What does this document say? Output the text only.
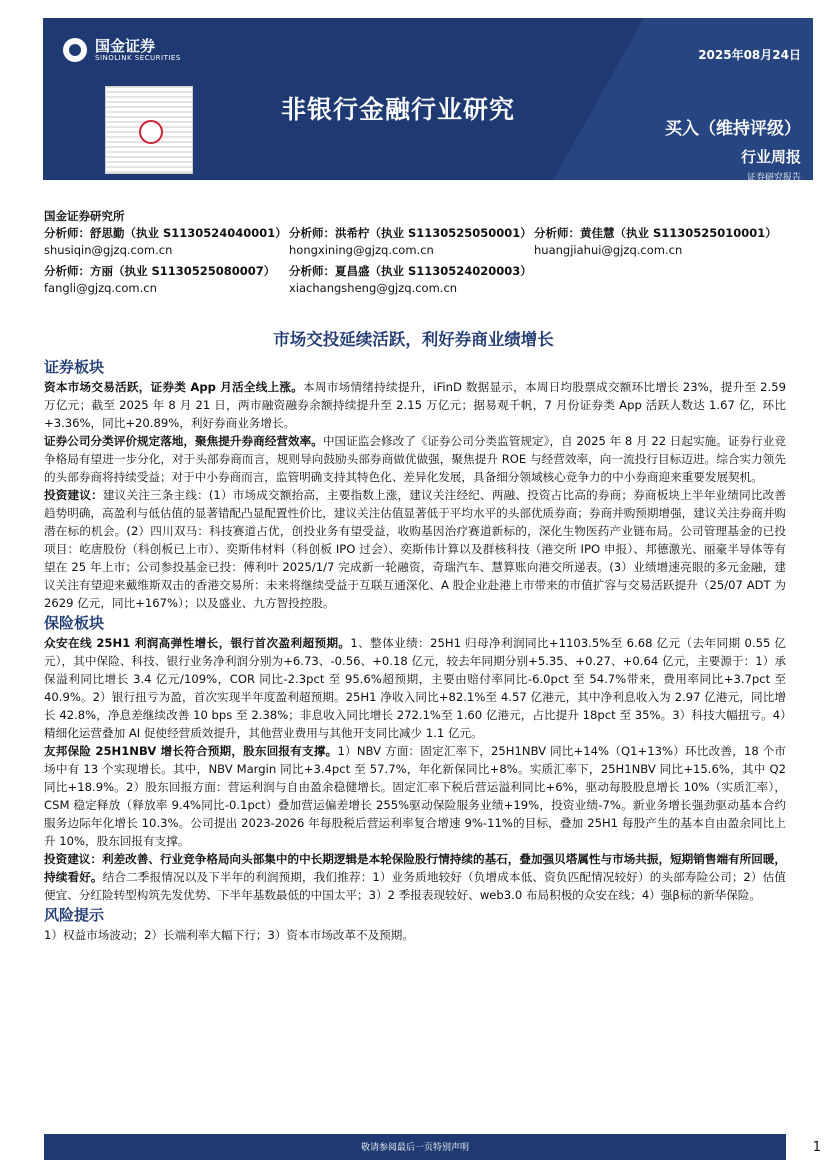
国金证券
SINOLINK SECURITIES	2025年08月24日
非银行金融行业研究
买入（维持评级）
行业周报
证券研究报告
国金证券研究所
分析师：舒思勤（执业 S1130524040001）
shusiqin@gjzq.com.cn
分析师：洪希柠（执业 S1130525050001）
hongxining@gjzq.com.cn
分析师：黄佳慧（执业 S1130525010001）
huangjiahui@gjzq.com.cn
分析师：方丽（执业 S1130525080007）
fangli@gjzq.com.cn
分析师：夏昌盛（执业 S1130524020003）
xiachangsheng@gjzq.com.cn
市场交投延续活跃，利好券商业绩增长
证券板块

资本市场交易活跃，证券类 App 月活全线上涨。本周市场情绪持续提升，iFinD 数据显示，本周日均股票成交额环比增长 23%，提升至 2.59 万亿元；截至 2025 年 8 月 21 日，两市融资融券余额持续提升至 2.15 万亿元；据易观千帆，7 月份证券类 App 活跃人数达 1.67 亿，环比+3.36%，同比+20.89%，利好券商业务增长。

证券公司分类评价规定落地，聚焦提升券商经营效率。中国证监会修改了《证券公司分类监管规定》，自 2025 年 8 月 22 日起实施。证券行业竞争格局有望进一步分化，对于头部券商而言，规则导向鼓励头部券商做优做强，聚焦提升 ROE 与经营效率，向一流投行目标迈进。综合实力领先的头部券商将持续受益；对于中小券商而言，监管明确支持其特色化、差异化发展，具备细分领域核心竞争力的中小券商迎来重要发展契机。

投资建议：建议关注三条主线：(1）市场成交额抬高，主要指数上涨，建议关注经纪、两融、投资占比高的券商；券商板块上半年业绩同比改善趋势明确，高盈利与低估值的显著错配凸显配置性价比，建议关注估值显著低于平均水平的头部优质券商；券商并购预期增强，建议关注券商并购潜在标的机会。(2）四川双马：科技赛道占优，创投业务有望受益，收购基因治疗赛道新标的，深化生物医药产业链布局。公司管理基金的已投项目：屹唐股份（科创板已上市）、奕斯伟材料（科创板 IPO 过会）、奕斯伟计算以及群核科技（港交所 IPO 申报）、邦德激光、丽豪半导体等有望在 25 年上市；公司参投基金已投：傅利叶 2025/1/7 完成新一轮融资，奇瑞汽车、慧算账向港交所递表。(3）业绩增速亮眼的多元金融，建议关注有望迎来戴维斯双击的香港交易所：未来将继续受益于互联互通深化、A 股企业赴港上市带来的市值扩容与交易活跃提升（25/07 ADT 为 2629 亿元，同比+167%）；以及盛业、九方智投控股。

保险板块

众安在线 25H1 利润高弹性增长，银行首次盈利超预期。1、整体业绩：25H1 归母净利润同比+1103.5%至 6.68 亿元（去年同期 0.55 亿元），其中保险、科技、银行业务净利润分别为+6.73、-0.56、+0.18 亿元，较去年同期分别+5.35、+0.27、+0.64 亿元，主要源于：1）承保溢利同比增长 3.4 亿元/109%，COR 同比-2.3pct 至 95.6%超预期，主要由赔付率同比-6.0pct 至 54.7%带来，费用率同比+3.7pct 至 40.9%。2）银行扭亏为盈，首次实现半年度盈利超预期。25H1 净收入同比+82.1%至 4.57 亿港元，其中净利息收入为 2.97 亿港元，同比增长 42.8%，净息差继续改善 10 bps 至 2.38%；非息收入同比增长 272.1%至 1.60 亿港元，占比提升 18pct 至 35%。3）科技大幅扭亏。4）精细化运营叠加 AI 促使经营质效提升，其他营业费用与其他开支同比减少 1.1 亿元。

友邦保险 25H1NBV 增长符合预期，股东回报有支撑。1）NBV 方面：固定汇率下，25H1NBV 同比+14%（Q1+13%）环比改善，18 个市场中有 13 个实现增长。其中，NBV Margin 同比+3.4pct 至 57.7%，年化新保同比+8%。实质汇率下，25H1NBV 同比+15.6%，其中 Q2 同比+18.9%。2）股东回报方面：营运利润与自由盈余稳健增长。固定汇率下税后营运溢利同比+6%，驱动每股股息增长 10%（实质汇率），CSM 稳定释放（释放率 9.4%同比-0.1pct）叠加营运偏差增长 255%驱动保险服务业绩+19%，投资业绩-7%。新业务增长强劲驱动基本合约服务边际年化增长 10.3%。公司提出 2023-2026 年每股税后营运利率复合增速 9%-11%的目标，叠加 25H1 每股产生的基本自由盈余同比上升 10%，股东回报有支撑。

投资建议：利差改善、行业竞争格局向头部集中的中长期逻辑是本轮保险股行情持续的基石，叠加强贝塔属性与市场共振，短期销售端有所回暖，持续看好。结合二季报情况以及下半年的利润预期，我们推荐：1）业务质地较好（负增成本低、资负匹配情况较好）的头部寿险公司；2）估值便宜、分红险转型构筑先发优势、下半年基数最低的中国太平；3）2 季报表现较好、web3.0 布局积极的众安在线；4）强β标的新华保险。

风险提示

1）权益市场波动；2）长端利率大幅下行；3）资本市场改革不及预期。

敬请参阅最后一页特别声明	1
